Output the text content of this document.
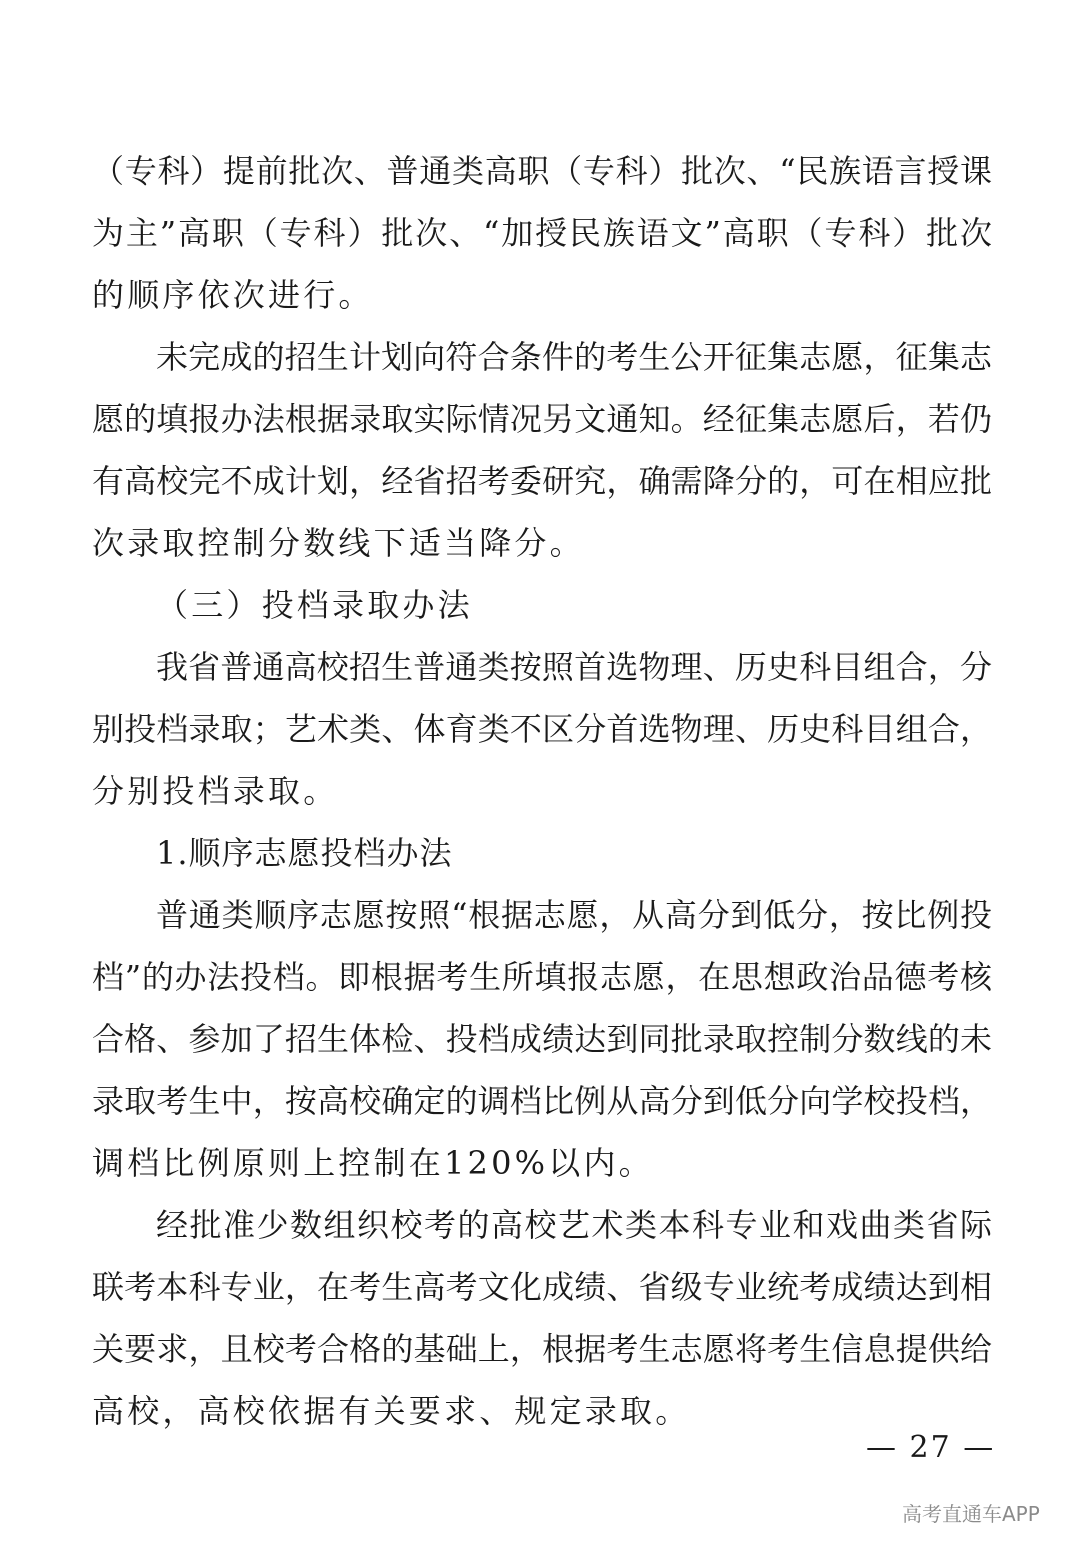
（专科）提前批次、普通类高职（专科）批次、“民族语言授课
为主”高职（专科）批次、“加授民族语文”高职（专科）批次
的顺序依次进行。
未完成的招生计划向符合条件的考生公开征集志愿，征集志
愿的填报办法根据录取实际情况另文通知。经征集志愿后，若仍
有高校完不成计划，经省招考委研究，确需降分的，可在相应批
次录取控制分数线下适当降分。
（三）投档录取办法
我省普通高校招生普通类按照首选物理、历史科目组合，分
别投档录取；艺术类、体育类不区分首选物理、历史科目组合，
分别投档录取。
1.顺序志愿投档办法
普通类顺序志愿按照“根据志愿，从高分到低分，按比例投
档”的办法投档。即根据考生所填报志愿，在思想政治品德考核
合格、参加了招生体检、投档成绩达到同批录取控制分数线的未
录取考生中，按高校确定的调档比例从高分到低分向学校投档，
调档比例原则上控制在120%以内。
经批准少数组织校考的高校艺术类本科专业和戏曲类省际
联考本科专业，在考生高考文化成绩、省级专业统考成绩达到相
关要求，且校考合格的基础上，根据考生志愿将考生信息提供给
高校，高校依据有关要求、规定录取。
— 27 —
高考直通车APP
